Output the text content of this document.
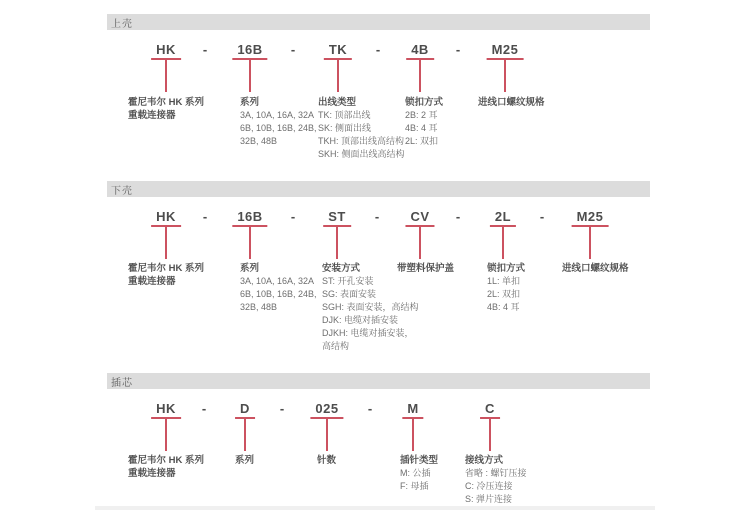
上壳
HK	16B	TK	4B	M25
-	-	-	-
霍尼韦尔 HK 系列
重载连接器
系列
3A, 10A, 16A, 32A
6B, 10B, 16B, 24B,
32B, 48B
出线类型
TK: 顶部出线
SK: 侧面出线
TKH: 顶部出线高结构
SKH: 侧面出线高结构
锁扣方式
2B: 2 耳
4B: 4 耳
2L: 双扣
进线口螺纹规格
下壳
HK	16B	ST	CV	2L	M25
-	-	-	-	-
霍尼韦尔 HK 系列
重载连接器
系列
3A, 10A, 16A, 32A
6B, 10B, 16B, 24B,
32B, 48B
安装方式
ST: 开孔安装
SG: 表面安装
SGH: 表面安装，高结构
DJK: 电缆对插安装
DJKH: 电缆对插安装，
高结构
带塑料保护盖	锁扣方式
1L: 单扣
2L: 双扣
4B: 4 耳
进线口螺纹规格
插芯
HK	D	025	M	C
-	-	-
霍尼韦尔 HK 系列
重载连接器
系列	针数	插针类型
M: 公插
F: 母插
接线方式
省略 : 螺钉压接
C: 冷压连接
S: 弹片连接
